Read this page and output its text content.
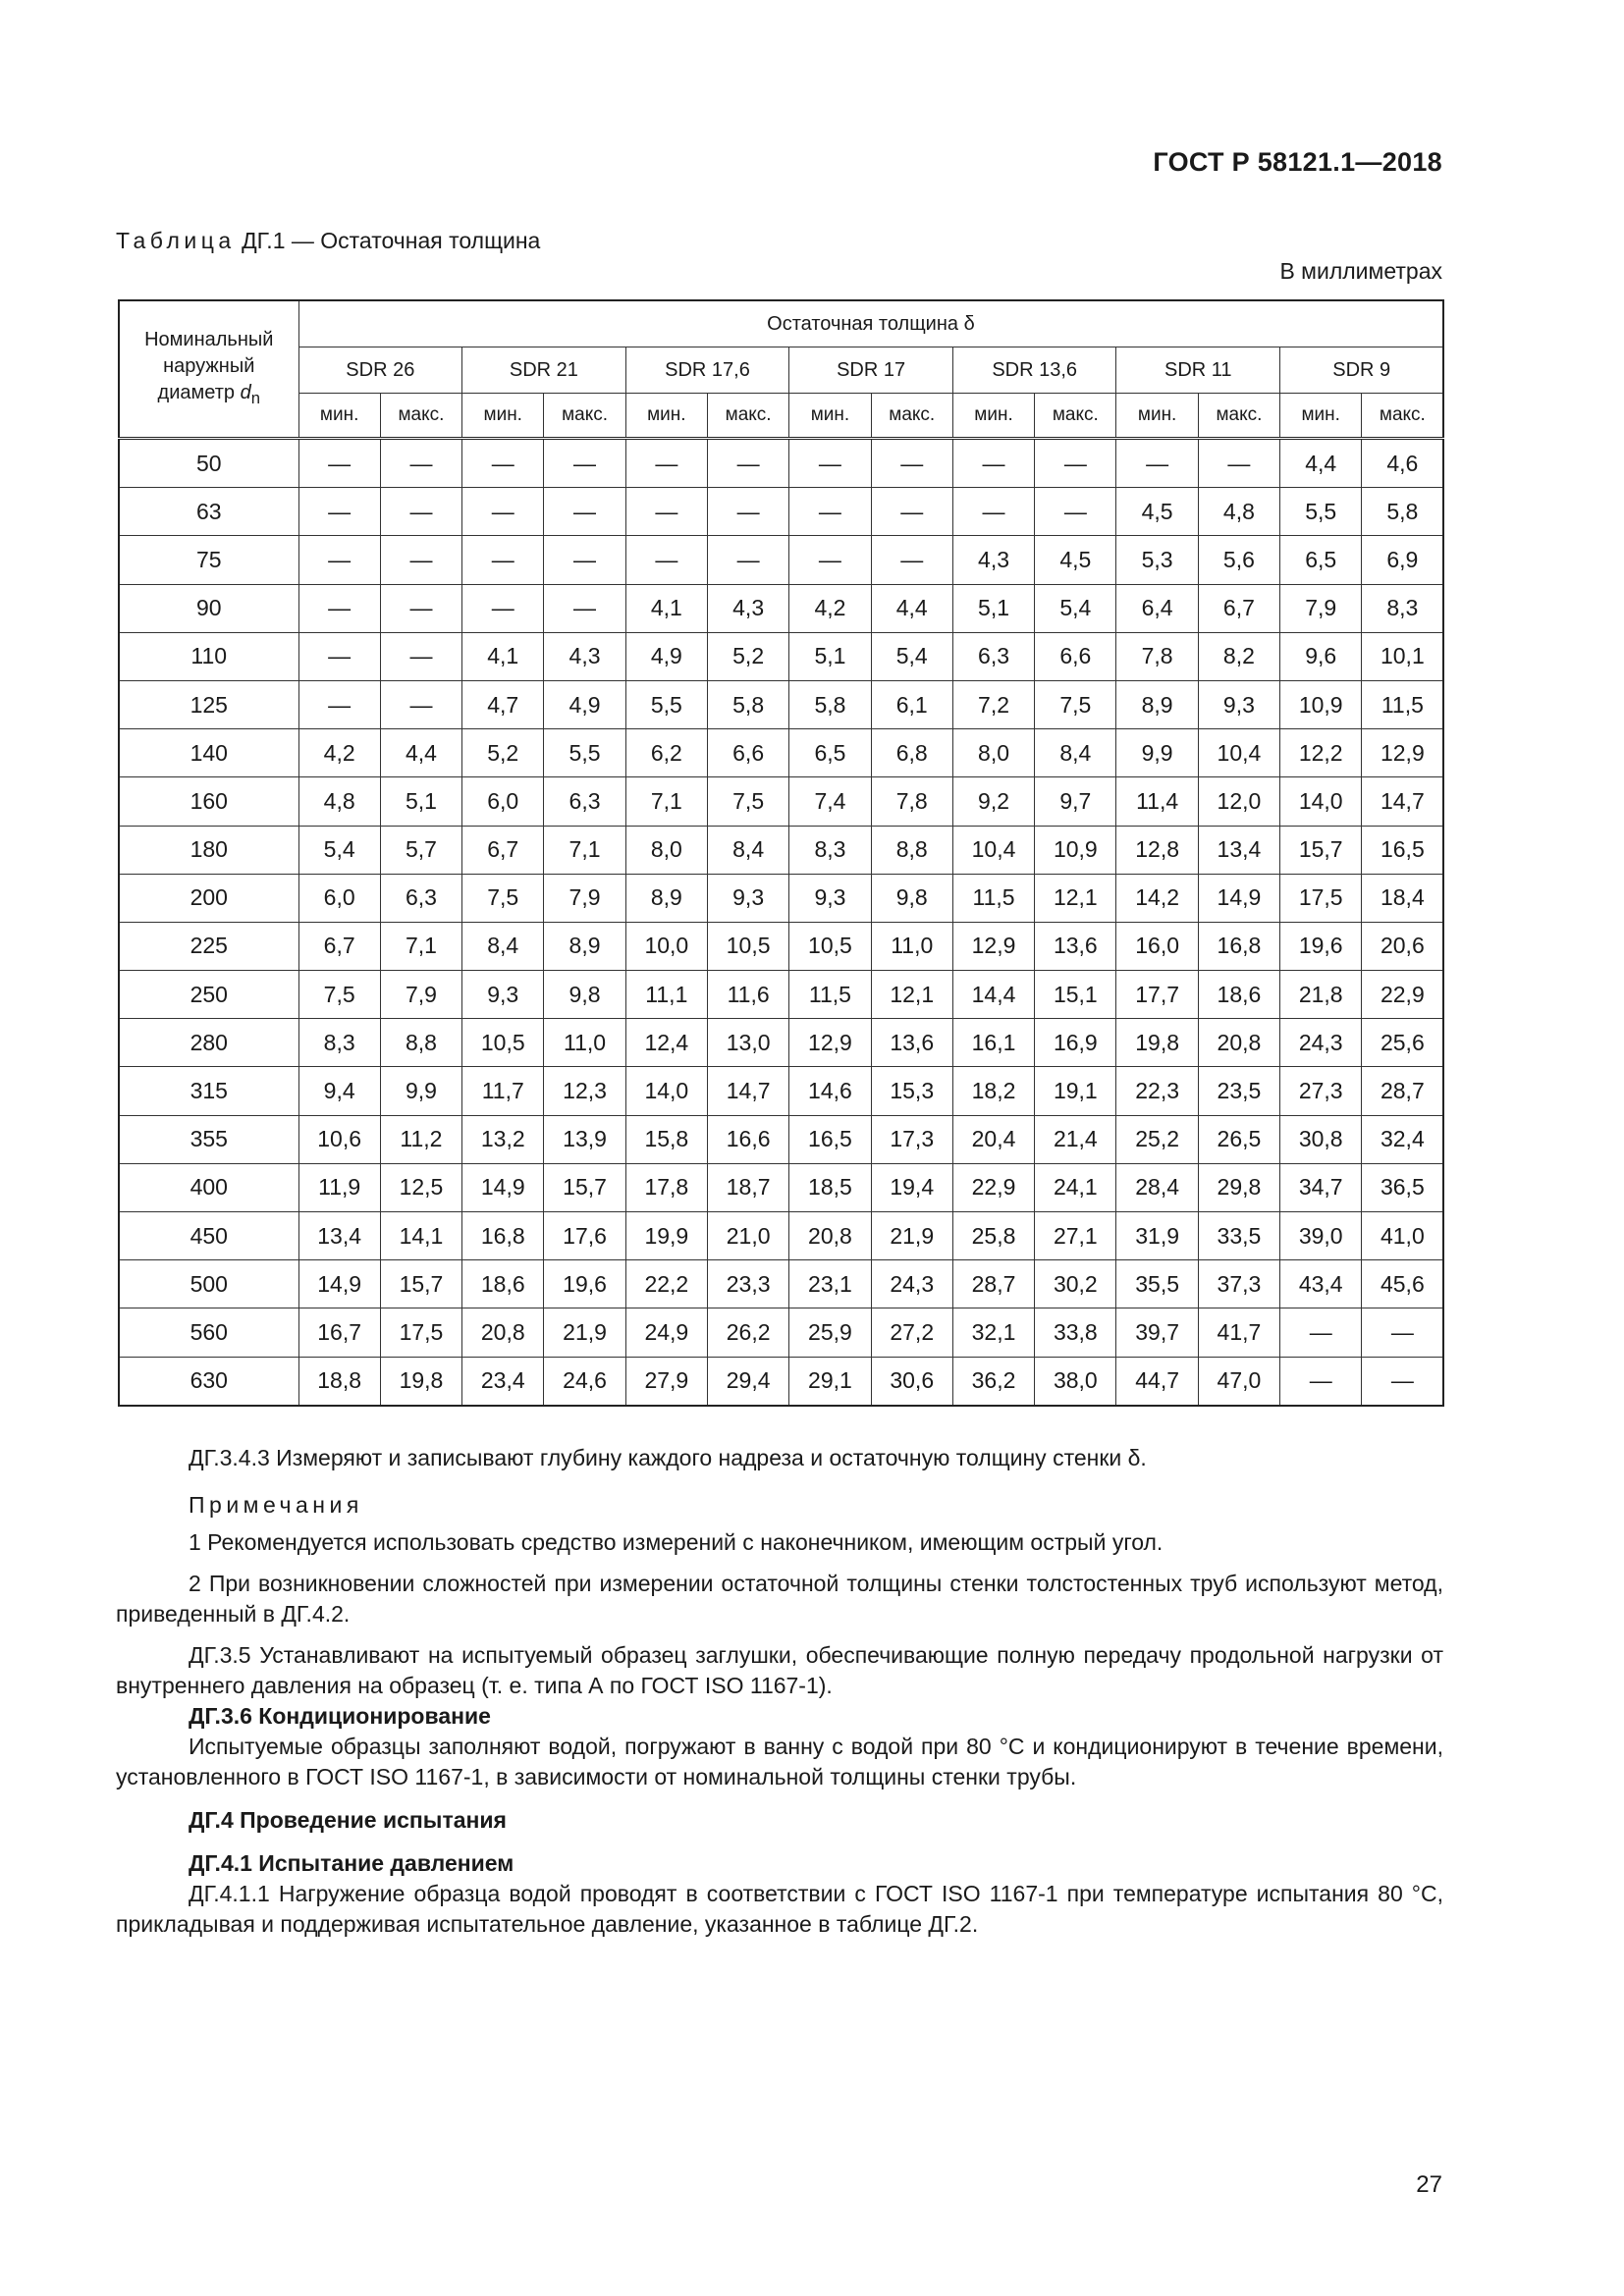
ГОСТ Р 58121.1—2018
Таблица ДГ.1 — Остаточная толщина
В миллиметрах
Номинальный
наружный
диаметр $d_n$	Остаточная толщина δ													
	SDR 26		SDR 21		SDR 17,6		SDR 17		SDR 13,6		SDR 11		SDR 9	
	мин.	макс.	мин.	макс.	мин.	макс.	мин.	макс.	мин.	макс.	мин.	макс.	мин.	макс.
50	—	—	—	—	—	—	—	—	—	—	—	—	4,4	4,6
63	—	—	—	—	—	—	—	—	—	—	4,5	4,8	5,5	5,8
75	—	—	—	—	—	—	—	—	4,3	4,5	5,3	5,6	6,5	6,9
90	—	—	—	—	4,1	4,3	4,2	4,4	5,1	5,4	6,4	6,7	7,9	8,3
110	—	—	4,1	4,3	4,9	5,2	5,1	5,4	6,3	6,6	7,8	8,2	9,6	10,1
125	—	—	4,7	4,9	5,5	5,8	5,8	6,1	7,2	7,5	8,9	9,3	10,9	11,5
140	4,2	4,4	5,2	5,5	6,2	6,6	6,5	6,8	8,0	8,4	9,9	10,4	12,2	12,9
160	4,8	5,1	6,0	6,3	7,1	7,5	7,4	7,8	9,2	9,7	11,4	12,0	14,0	14,7
180	5,4	5,7	6,7	7,1	8,0	8,4	8,3	8,8	10,4	10,9	12,8	13,4	15,7	16,5
200	6,0	6,3	7,5	7,9	8,9	9,3	9,3	9,8	11,5	12,1	14,2	14,9	17,5	18,4
225	6,7	7,1	8,4	8,9	10,0	10,5	10,5	11,0	12,9	13,6	16,0	16,8	19,6	20,6
250	7,5	7,9	9,3	9,8	11,1	11,6	11,5	12,1	14,4	15,1	17,7	18,6	21,8	22,9
280	8,3	8,8	10,5	11,0	12,4	13,0	12,9	13,6	16,1	16,9	19,8	20,8	24,3	25,6
315	9,4	9,9	11,7	12,3	14,0	14,7	14,6	15,3	18,2	19,1	22,3	23,5	27,3	28,7
355	10,6	11,2	13,2	13,9	15,8	16,6	16,5	17,3	20,4	21,4	25,2	26,5	30,8	32,4
400	11,9	12,5	14,9	15,7	17,8	18,7	18,5	19,4	22,9	24,1	28,4	29,8	34,7	36,5
450	13,4	14,1	16,8	17,6	19,9	21,0	20,8	21,9	25,8	27,1	31,9	33,5	39,0	41,0
500	14,9	15,7	18,6	19,6	22,2	23,3	23,1	24,3	28,7	30,2	35,5	37,3	43,4	45,6
560	16,7	17,5	20,8	21,9	24,9	26,2	25,9	27,2	32,1	33,8	39,7	41,7	—	—
630	18,8	19,8	23,4	24,6	27,9	29,4	29,1	30,6	36,2	38,0	44,7	47,0	—	—
ДГ.3.4.3 Измеряют и записывают глубину каждого надреза и остаточную толщину стенки δ.
Примечания
1 Рекомендуется использовать средство измерений с наконечником, имеющим острый угол.
2 При возникновении сложностей при измерении остаточной толщины стенки толстостенных труб используют метод, приведенный в ДГ.4.2.
ДГ.3.5 Устанавливают на испытуемый образец заглушки, обеспечивающие полную передачу продольной нагрузки от внутреннего давления на образец (т. е. типа А по ГОСТ ISO 1167-1).
ДГ.3.6 Кондиционирование
Испытуемые образцы заполняют водой, погружают в ванну с водой при 80 °С и кондиционируют в течение времени, установленного в ГОСТ ISO 1167-1, в зависимости от номинальной толщины стенки трубы.
ДГ.4 Проведение испытания
ДГ.4.1 Испытание давлением
ДГ.4.1.1 Нагружение образца водой проводят в соответствии с ГОСТ ISO 1167-1 при температуре испытания 80 °С, прикладывая и поддерживая испытательное давление, указанное в таблице ДГ.2.
27
